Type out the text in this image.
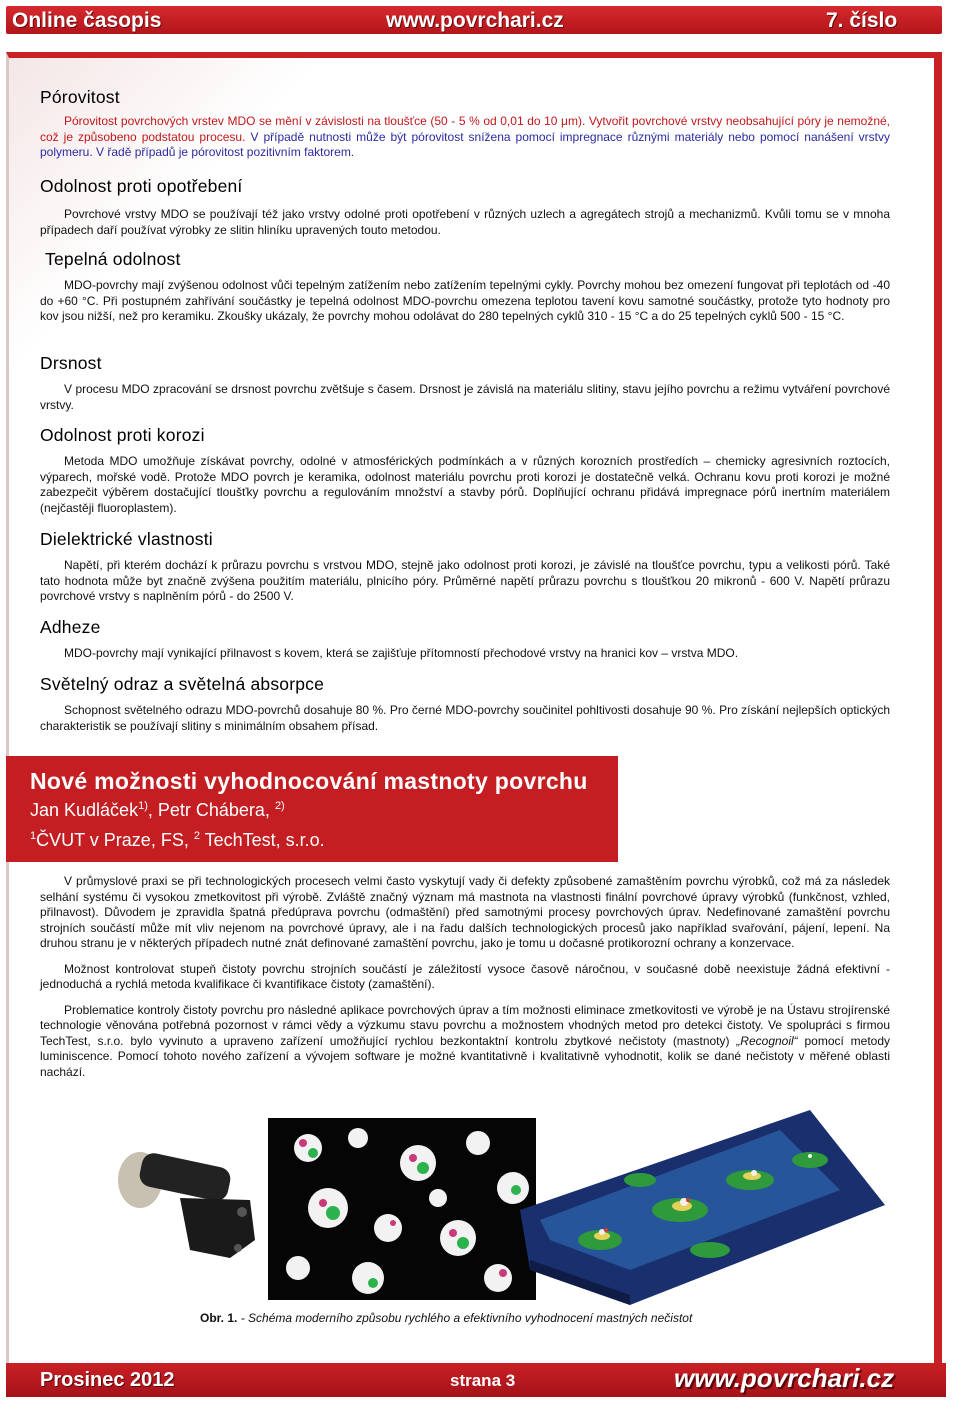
Online časopis	www.povrchari.cz	7. číslo
Pórovitost

Pórovitost povrchových vrstev MDO se mění v závislosti na tloušťce (50 - 5 % od 0,01 do 10 μm). Vytvořit povrchové vrstvy neobsahující póry je nemožné, což je způsobeno podstatou procesu. V případě nutnosti může být pórovitost snížena pomocí impregnace různými materiály nebo pomocí nanášení vrstvy polymeru. V řadě případů je pórovitost pozitivním faktorem.

Odolnost proti opotřebení

Povrchové vrstvy MDO se používají též jako vrstvy odolné proti opotřebení v různých uzlech a agregátech strojů a mechanizmů. Kvůli tomu se v mnoha případech daří používat výrobky ze slitin hliníku upravených touto metodou.

Tepelná odolnost

MDO-povrchy mají zvýšenou odolnost vůči tepelným zatížením nebo zatížením tepelnými cykly. Povrchy mohou bez omezení fungovat při teplotách od -40 do +60 °C. Při postupném zahřívání součástky je tepelná odolnost MDO-povrchu omezena teplotou tavení kovu samotné součástky, protože tyto hodnoty pro kov jsou nižší, než pro keramiku. Zkoušky ukázaly, že povrchy mohou odolávat do 280 tepelných cyklů 310 - 15 °C a do 25 tepelných cyklů 500 - 15 °C.

Drsnost

V procesu MDO zpracování se drsnost povrchu zvětšuje s časem. Drsnost je závislá na materiálu slitiny, stavu jejího povrchu a režimu vytváření povrchové vrstvy.

Odolnost proti korozi

Metoda MDO umožňuje získávat povrchy, odolné v atmosférických podmínkách a v různých korozních prostředích – chemicky agresivních roztocích, výparech, mořské vodě. Protože MDO povrch je keramika, odolnost materiálu povrchu proti korozi je dostatečně velká. Ochranu kovu proti korozi je možné zabezpečit výběrem dostačující tloušťky povrchu a regulováním množství a stavby pórů. Doplňující ochranu přidává impregnace pórů inertním materiálem (nejčastěji fluoroplastem).

Dielektrické vlastnosti

Napětí, při kterém dochází k průrazu povrchu s vrstvou MDO, stejně jako odolnost proti korozi, je závislé na tloušťce povrchu, typu a velikosti pórů. Také tato hodnota může byt značně zvýšena použitím materiálu, plnicího póry. Průměrné napětí průrazu povrchu s tloušťkou 20 mikronů - 600 V. Napětí průrazu povrchové vrstvy s naplněním pórů - do 2500 V.

Adheze

MDO-povrchy mají vynikající přilnavost s kovem, která se zajišťuje přítomností přechodové vrstvy na hranici kov – vrstva MDO.

Světelný odraz a světelná absorpce

Schopnost světelného odrazu MDO-povrchů dosahuje 80 %. Pro černé MDO-povrchy součinitel pohltivosti dosahuje 90 %. Pro získání nejlepších optických charakteristik se používají slitiny s minimálním obsahem přísad.

Nové možnosti vyhodnocování mastnoty povrchu
Jan Kudláček$^{1)}$, Petr Chábera, $^{2)}$
$^1$ČVUT v Praze, FS, $^2$ TechTest, s.r.o.

V průmyslové praxi se při technologických procesech velmi často vyskytují vady či defekty způsobené zamaštěním povrchu výrobků, což má za následek selhání systému či vysokou zmetkovitost při výrobě. Zvláště značný význam má mastnota na vlastnosti finální povrchové úpravy výrobků (funkčnost, vzhled, přilnavost). Důvodem je zpravidla špatná předúprava povrchu (odmaštění) před samotnými procesy povrchových úprav. Nedefinované zamaštění povrchu strojních součástí může mít vliv nejenom na povrchové úpravy, ale i na řadu dalších technologických procesů jako například svařování, pájení, lepení. Na druhou stranu je v některých případech nutné znát definované zamaštění povrchu, jako je tomu u dočasné protikorozní ochrany a konzervace.

Možnost kontrolovat stupeň čistoty povrchu strojních součástí je záležitostí vysoce časově náročnou, v současné době neexistuje žádná efektivní - jednoduchá a rychlá metoda kvalifikace či kvantifikace čistoty (zamaštění).

Problematice kontroly čistoty povrchu pro následné aplikace povrchových úprav a tím možnosti eliminace zmetkovitosti ve výrobě je na Ústavu strojírenské technologie věnována potřebná pozornost v rámci vědy a výzkumu stavu povrchu a možnostem vhodných metod pro detekci čistoty. Ve spolupráci s firmou TechTest, s.r.o. bylo vyvinuto a upraveno zařízení umožňující rychlou bezkontaktní kontrolu zbytkové nečistoty (mastnoty) „Recognoil“ pomocí metody luminiscence. Pomocí tohoto nového zařízení a vývojem software je možné kvantitativně i kvalitativně vyhodnotit, kolik se dané nečistoty v měřené oblasti nachází.

Obr. 1. - Schéma moderního způsobu rychlého a efektivního vyhodnocení mastných nečistot
Prosinec 2012	strana 3	www.povrchari.cz
